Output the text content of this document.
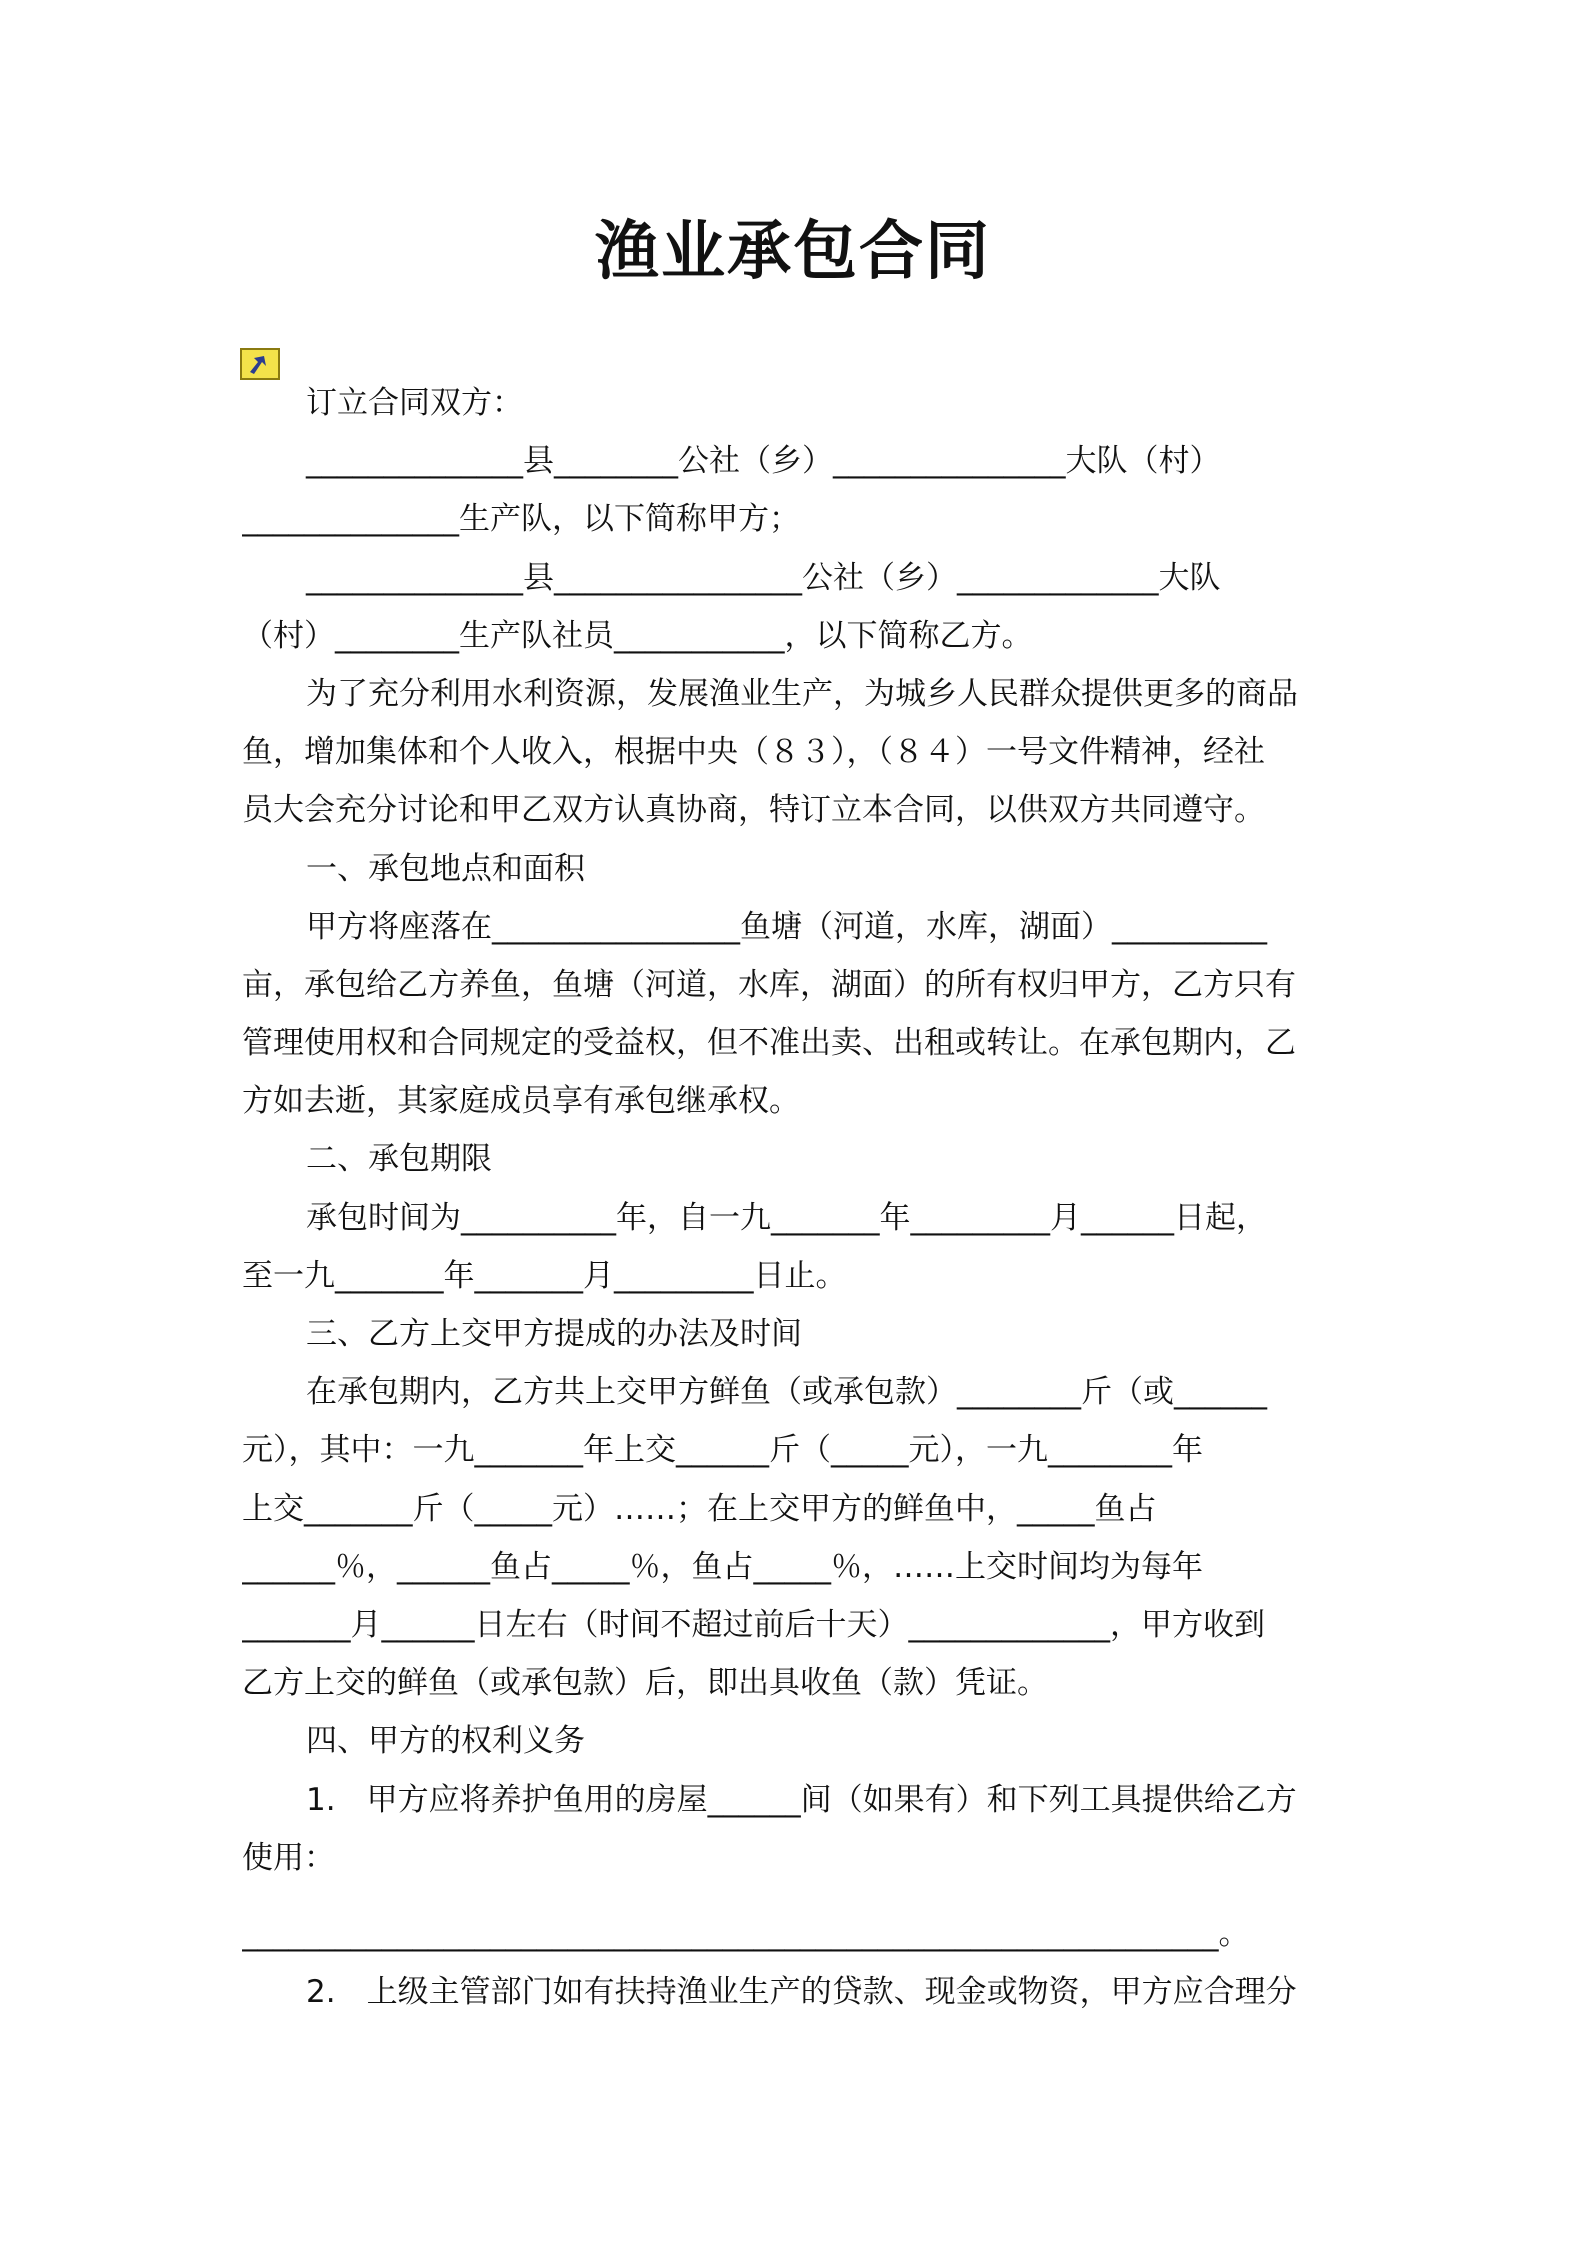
渔业承包合同
订立合同双方：
______________县________公社（乡）_______________大队（村）
______________生产队，以下简称甲方；
______________县________________公社（乡）_____________大队
（村）________生产队社员___________，以下简称乙方。
为了充分利用水利资源，发展渔业生产，为城乡人民群众提供更多的商品
鱼，增加集体和个人收入，根据中央（８３），（８４）一号文件精神，经社
员大会充分讨论和甲乙双方认真协商，特订立本合同，以供双方共同遵守。
一、承包地点和面积
甲方将座落在________________鱼塘（河道，水库，湖面）__________
亩，承包给乙方养鱼，鱼塘（河道，水库，湖面）的所有权归甲方，乙方只有
管理使用权和合同规定的受益权，但不准出卖、出租或转让。在承包期内，乙
方如去逝，其家庭成员享有承包继承权。
二、承包期限
承包时间为__________年，自一九_______年_________月______日起，
至一九_______年_______月_________日止。
三、乙方上交甲方提成的办法及时间
在承包期内，乙方共上交甲方鲜鱼（或承包款）________斤（或______
元），其中：一九_______年上交______斤（_____元），一九________年
上交_______斤（_____元）……；在上交甲方的鲜鱼中，_____鱼占
______％，______鱼占_____％，鱼占_____％，……上交时间均为每年
_______月______日左右（时间不超过前后十天）_____________，甲方收到
乙方上交的鲜鱼（或承包款）后，即出具收鱼（款）凭证。
四、甲方的权利义务
1.　甲方应将养护鱼用的房屋______间（如果有）和下列工具提供给乙方
使用：
_______________________________________________________________。
2.　上级主管部门如有扶持渔业生产的贷款、现金或物资，甲方应合理分
